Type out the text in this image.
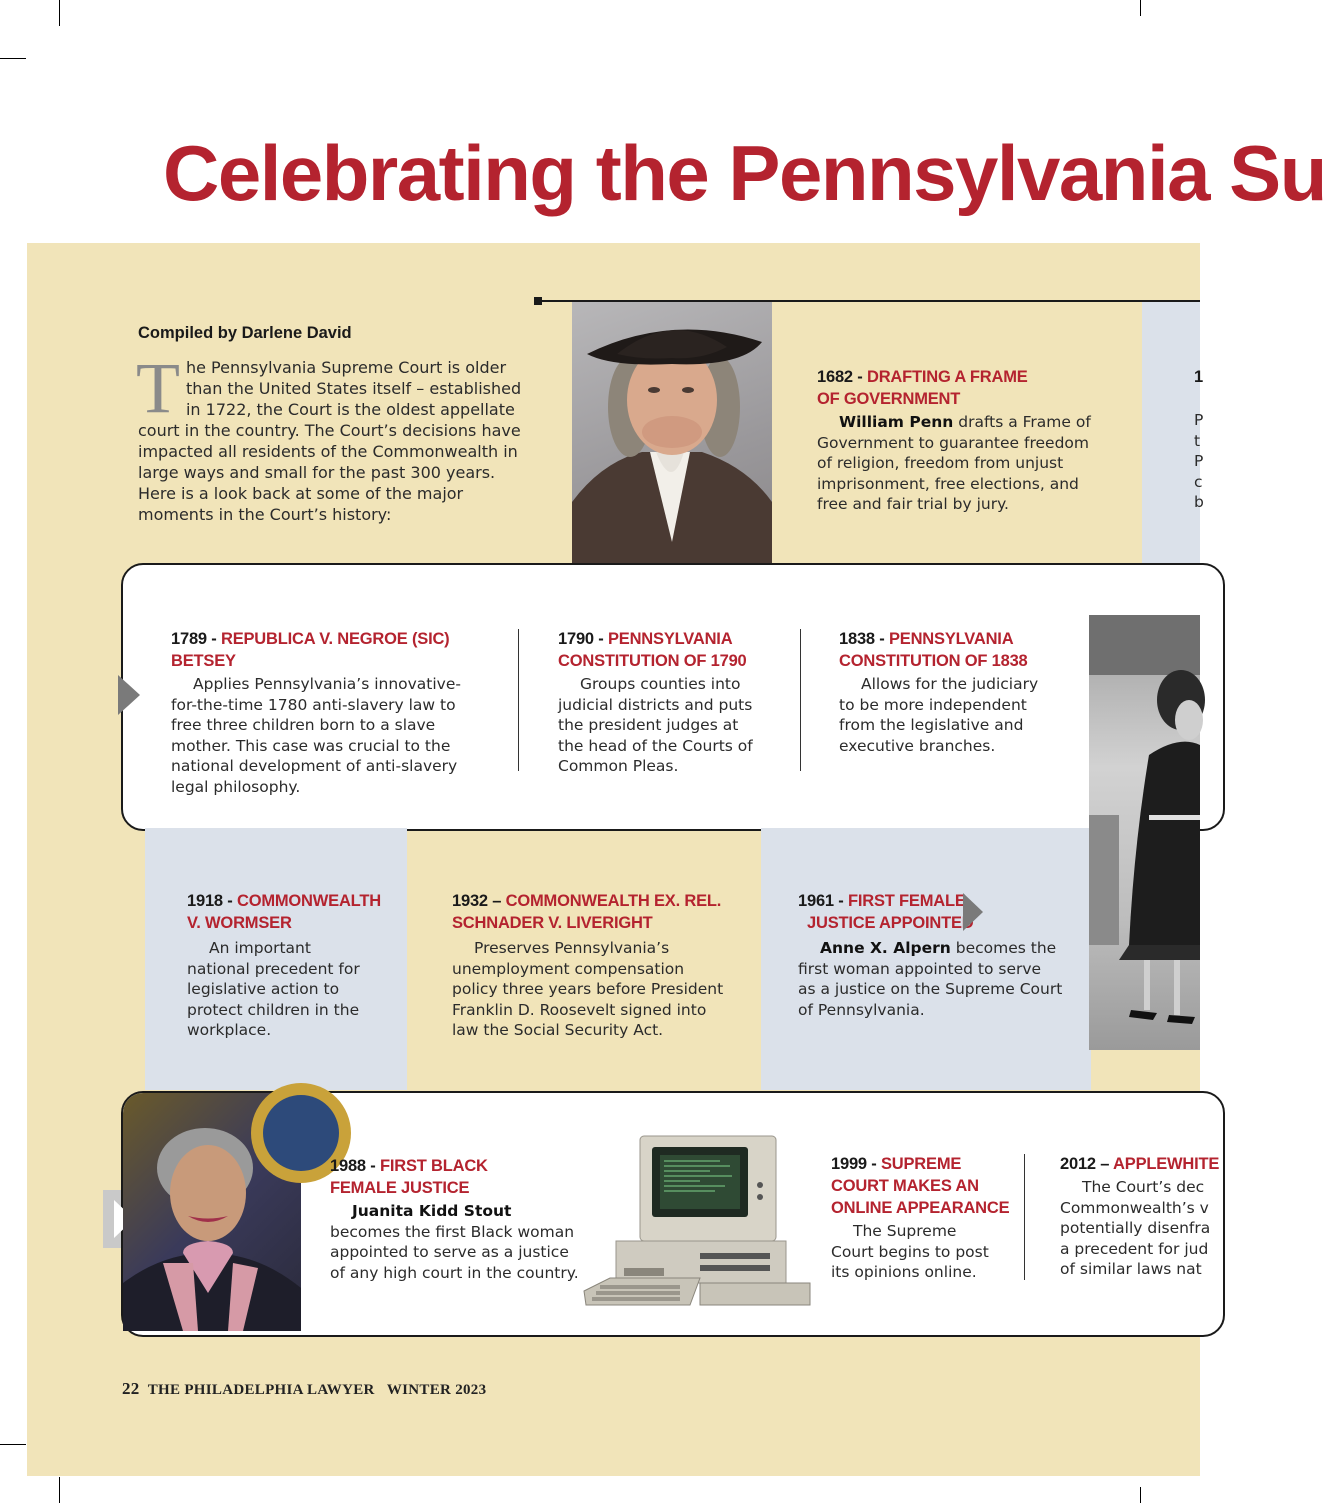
Celebrating the Pennsylvania Su
Compiled by Darlene David
The Pennsylvania Supreme Court is older than the United States itself – established in 1722, the Court is the oldest appellate court in the country. The Court’s decisions have impacted all residents of the Commonwealth in large ways and small for the past 300 years. Here is a look back at some of the major moments in the Court’s history:
1682 - DRAFTING A FRAME
OF GOVERNMENT
William Penn drafts a Frame of Government to guarantee freedom of religion, freedom from unjust imprisonment, free elections, and free and fair trial by jury.
1
P
t
P
c
b
1789 - REPUBLICA V. NEGROE (SIC) BETSEY
Applies Pennsylvania’s innovative-for-the-time 1780 anti-slavery law to free three children born to a slave mother. This case was crucial to the national development of anti-slavery legal philosophy.
1790 - PENNSYLVANIA
CONSTITUTION OF 1790
Groups counties into judicial districts and puts the president judges at the head of the Courts of Common Pleas.
1838 - PENNSYLVANIA
CONSTITUTION OF 1838
Allows for the judiciary to be more independent from the legislative and executive branches.
1918 - COMMONWEALTH
V. WORMSER
An important national precedent for legislative action to protect children in the workplace.
1932 – COMMONWEALTH EX. REL.
SCHNADER V. LIVERIGHT
Preserves Pennsylvania’s unemployment compensation policy three years before President Franklin D. Roosevelt signed into law the Social Security Act.
1961 - FIRST FEMALE
JUSTICE APPOINTED
Anne X. Alpern becomes the first woman appointed to serve as a justice on the Supreme Court of Pennsylvania.
1988 - FIRST BLACK
FEMALE JUSTICE
Juanita Kidd Stout becomes the first Black woman appointed to serve as a justice of any high court in the country.
1999 - SUPREME
COURT MAKES AN
ONLINE APPEARANCE
The Supreme Court begins to post its opinions online.
2012 – APPLEWHITE
The Court’s dec
Commonwealth’s v
potentially disenfra
a precedent for jud
of similar laws nat
22 THE PHILADELPHIA LAWYER WINTER 2023
